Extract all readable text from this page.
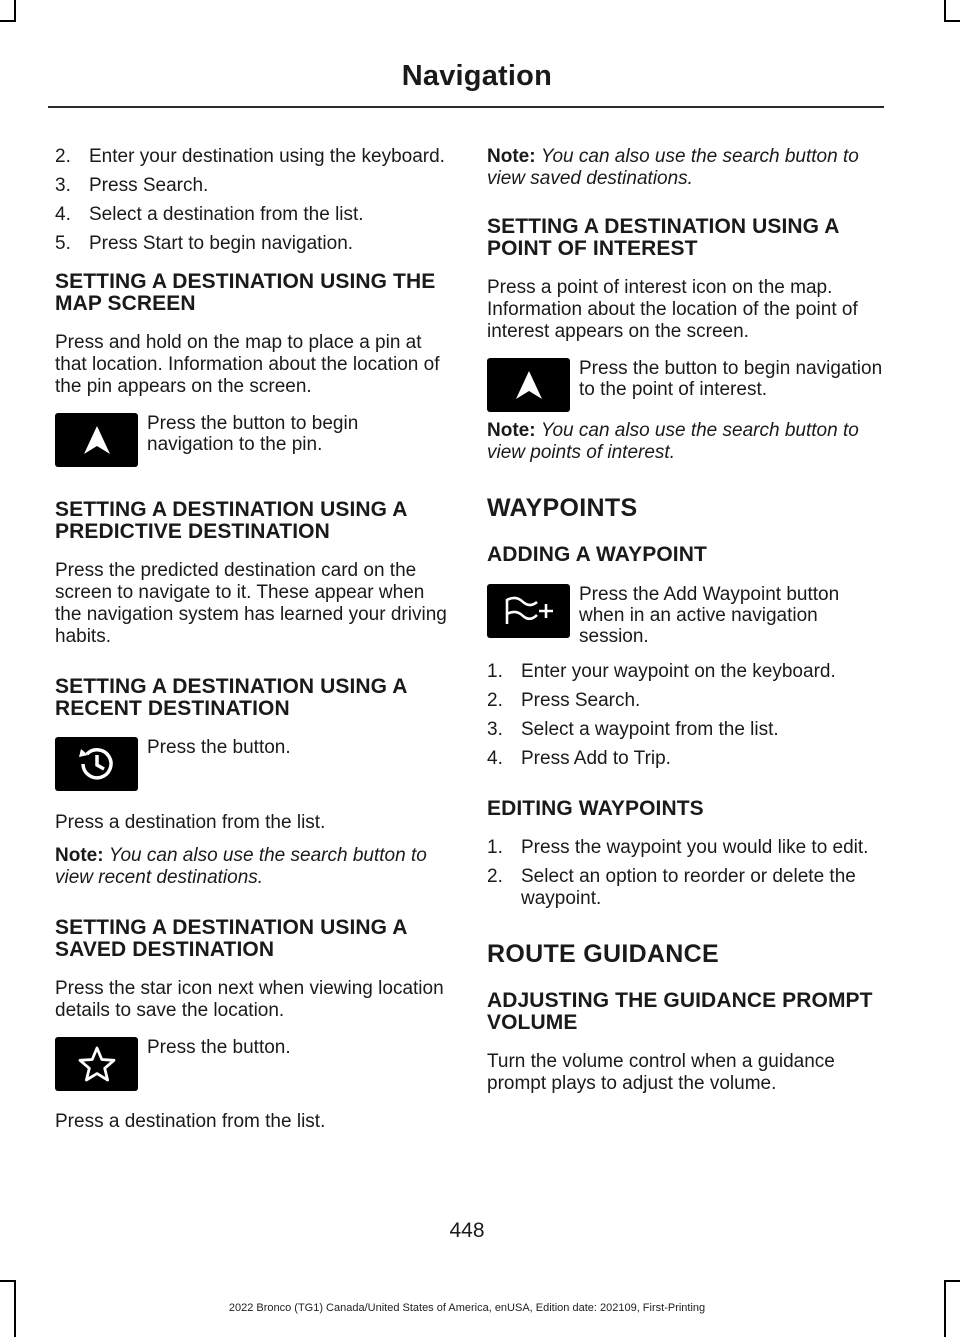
Navigation
2. Enter your destination using the keyboard.
3. Press Search.
4. Select a destination from the list.
5. Press Start to begin navigation.
SETTING A DESTINATION USING THE MAP SCREEN

Press and hold on the map to place a pin at that location. Information about the location of the pin appears on the screen.

Press the button to begin navigation to the pin.
SETTING A DESTINATION USING A PREDICTIVE DESTINATION

Press the predicted destination card on the screen to navigate to it. These appear when the navigation system has learned your driving habits.

SETTING A DESTINATION USING A RECENT DESTINATION
Press the button.

Press a destination from the list.

Note: You can also use the search button to view recent destinations.

SETTING A DESTINATION USING A SAVED DESTINATION

Press the star icon next when viewing location details to save the location.

Press the button.

Press a destination from the list.

Note: You can also use the search button to view saved destinations.

SETTING A DESTINATION USING A POINT OF INTEREST

Press a point of interest icon on the map. Information about the location of the point of interest appears on the screen.

Press the button to begin navigation to the point of interest.

Note: You can also use the search button to view points of interest.

WAYPOINTS
ADDING A WAYPOINT
Press the Add Waypoint button when in an active navigation session.
1. Enter your waypoint on the keyboard.
2. Press Search.
3. Select a waypoint from the list.
4. Press Add to Trip.
EDITING WAYPOINTS
1. Press the waypoint you would like to edit.
2. Select an option to reorder or delete the waypoint.
ROUTE GUIDANCE
ADJUSTING THE GUIDANCE PROMPT VOLUME

Turn the volume control when a guidance prompt plays to adjust the volume.

448
2022 Bronco (TG1) Canada/United States of America, enUSA, Edition date: 202109, First-Printing
